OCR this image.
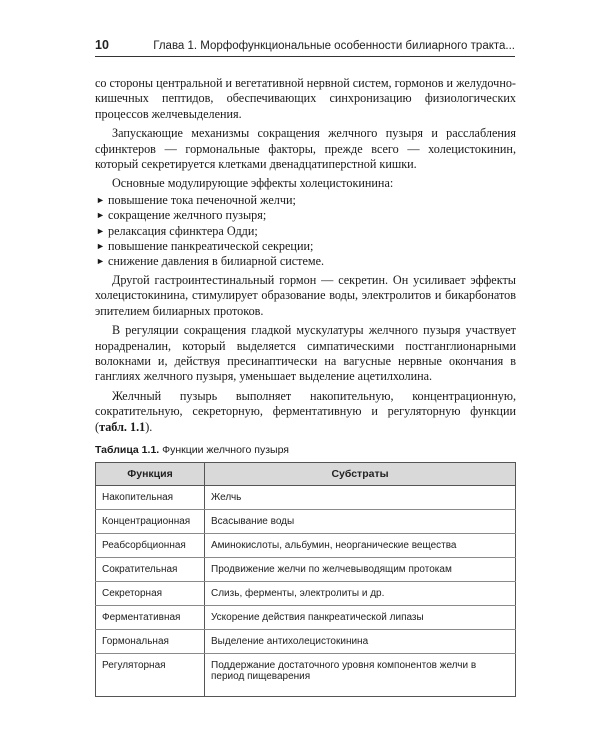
10	Глава 1. Морфофункциональные особенности билиарного тракта...

со стороны центральной и вегетативной нервной систем, гормонов и желудочно-кишечных пептидов, обеспечивающих синхронизацию физиологических процессов желчевыделения.

Запускающие механизмы сокращения желчного пузыря и расслабления сфинктеров — гормональные факторы, прежде всего — холецистокинин, который секретируется клетками двенадцатиперстной кишки.

Основные модулирующие эффекты холецистокинина:

► повышение тока печеночной желчи;
► сокращение желчного пузыря;
► релаксация сфинктера Одди;
► повышение панкреатической секреции;
► снижение давления в билиарной системе.

Другой гастроинтестинальный гормон — секретин. Он усиливает эффекты холецистокинина, стимулирует образование воды, электролитов и бикарбонатов эпителием билиарных протоков.

В регуляции сокращения гладкой мускулатуры желчного пузыря участвует норадреналин, который выделяется симпатическими постганглионарными волокнами и, действуя пресинаптически на вагусные нервные окончания в ганглиях желчного пузыря, уменьшает выделение ацетилхолина.

Желчный пузырь выполняет накопительную, концентрационную, сократительную, секреторную, ферментативную и регуляторную функции (табл. 1.1).

Таблица 1.1. Функции желчного пузыря
Функция	Субстраты
Накопительная	Желчь
Концентрационная	Всасывание воды
Реабсорбционная	Аминокислоты, альбумин, неорганические вещества
Сократительная	Продвижение желчи по желчевыводящим протокам
Секреторная	Слизь, ферменты, электролиты и др.
Ферментативная	Ускорение действия панкреатической липазы
Гормональная	Выделение антихолецистокинина
Регуляторная	Поддержание достаточного уровня компонентов желчи в период пищеварения
